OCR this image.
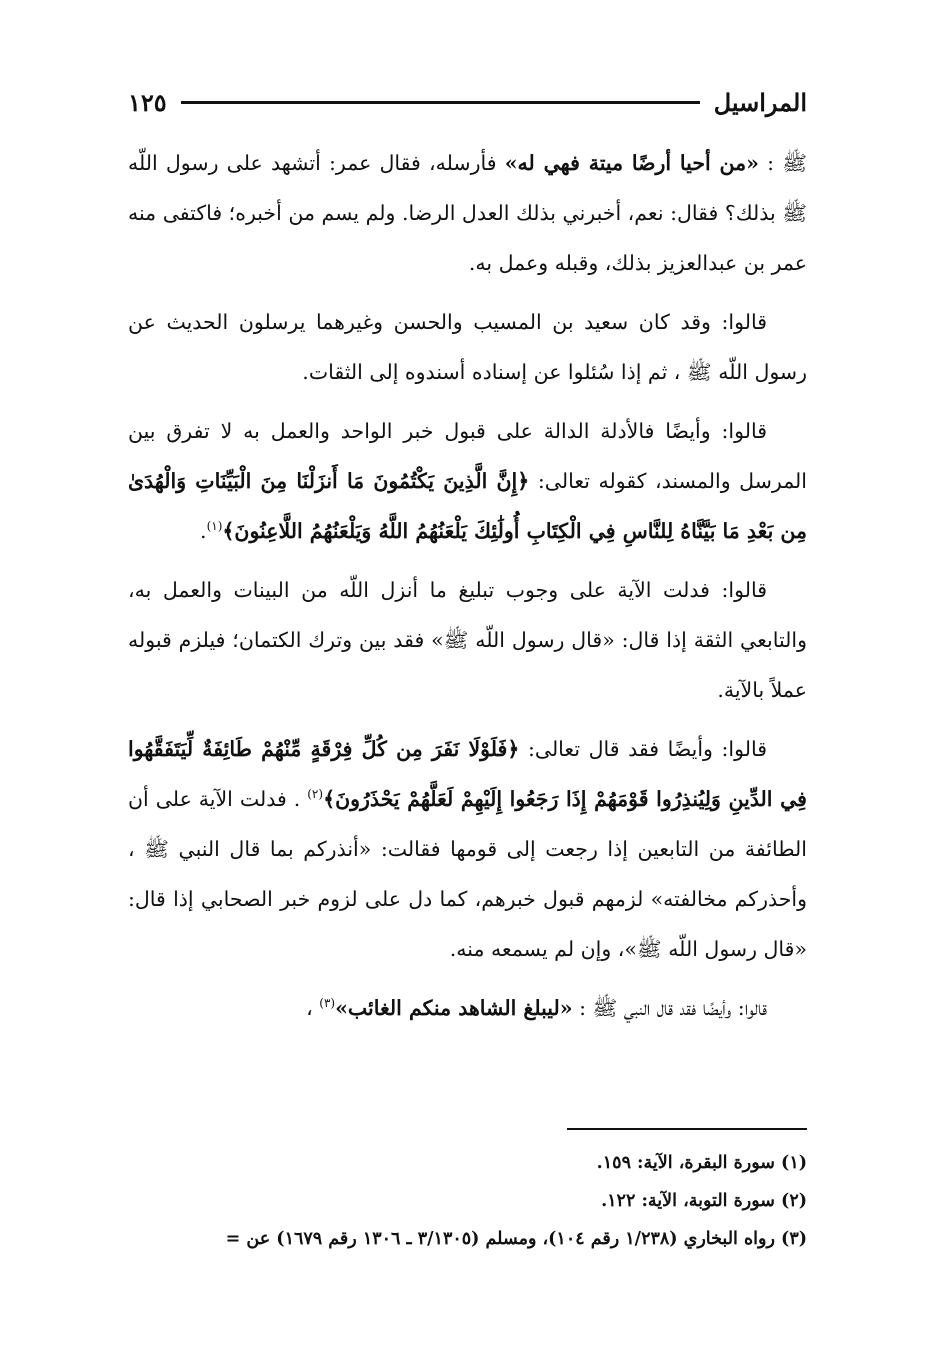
المراسيل
١٢٥

ﷺ : «من أحيا أرضًا ميتة فهي له» فأرسله، فقال عمر: أتشهد على رسول اللّه ﷺ بذلك؟ فقال: نعم، أخبرني بذلك العدل الرضا. ولم يسم من أخبره؛ فاكتفى منه عمر بن عبدالعزيز بذلك، وقبله وعمل به.

قالوا: وقد كان سعيد بن المسيب والحسن وغيرهما يرسلون الحديث عن رسول اللّه ﷺ ، ثم إذا سُئلوا عن إسناده أسندوه إلى الثقات.

قالوا: وأيضًا فالأدلة الدالة على قبول خبر الواحد والعمل به لا تفرق بين المرسل والمسند، كقوله تعالى: ﴿إِنَّ الَّذِينَ يَكْتُمُونَ مَا أَنزَلْنَا مِنَ الْبَيِّنَاتِ وَالْهُدَىٰ مِن بَعْدِ مَا بَيَّنَّاهُ لِلنَّاسِ فِي الْكِتَابِ أُولَٰئِكَ يَلْعَنُهُمُ اللَّهُ وَيَلْعَنُهُمُ اللَّاعِنُونَ﴾$^{(١)}$.

قالوا: فدلت الآية على وجوب تبليغ ما أنزل اللّه من البينات والعمل به، والتابعي الثقة إذا قال: «قال رسول اللّه ﷺ» فقد بين وترك الكتمان؛ فيلزم قبوله عملاً بالآية.

قالوا: وأيضًا فقد قال تعالى: ﴿فَلَوْلَا نَفَرَ مِن كُلِّ فِرْقَةٍ مِّنْهُمْ طَائِفَةٌ لِّيَتَفَقَّهُوا فِي الدِّينِ وَلِيُنذِرُوا قَوْمَهُمْ إِذَا رَجَعُوا إِلَيْهِمْ لَعَلَّهُمْ يَحْذَرُونَ﴾$^{(٢)}$ . فدلت الآية على أن الطائفة من التابعين إذا رجعت إلى قومها فقالت: «أنذركم بما قال النبي ﷺ ، وأحذركم مخالفته» لزمهم قبول خبرهم، كما دل على لزوم خبر الصحابي إذا قال: «قال رسول اللّه ﷺ»، وإن لم يسمعه منه.

قالوا: وأيضًا فقد قال النبي ﷺ : «ليبلغ الشاهد منكم الغائب»$^{(٣)}$ ،

(١) سورة البقرة، الآية: ١٥٩.
(٢) سورة التوبة، الآية: ١٢٢.
(٣) رواه البخاري (١/٢٣٨ رقم ١٠٤)، ومسلم (٣/١٣٠٥ ـ ١٣٠٦ رقم ١٦٧٩) عن =
